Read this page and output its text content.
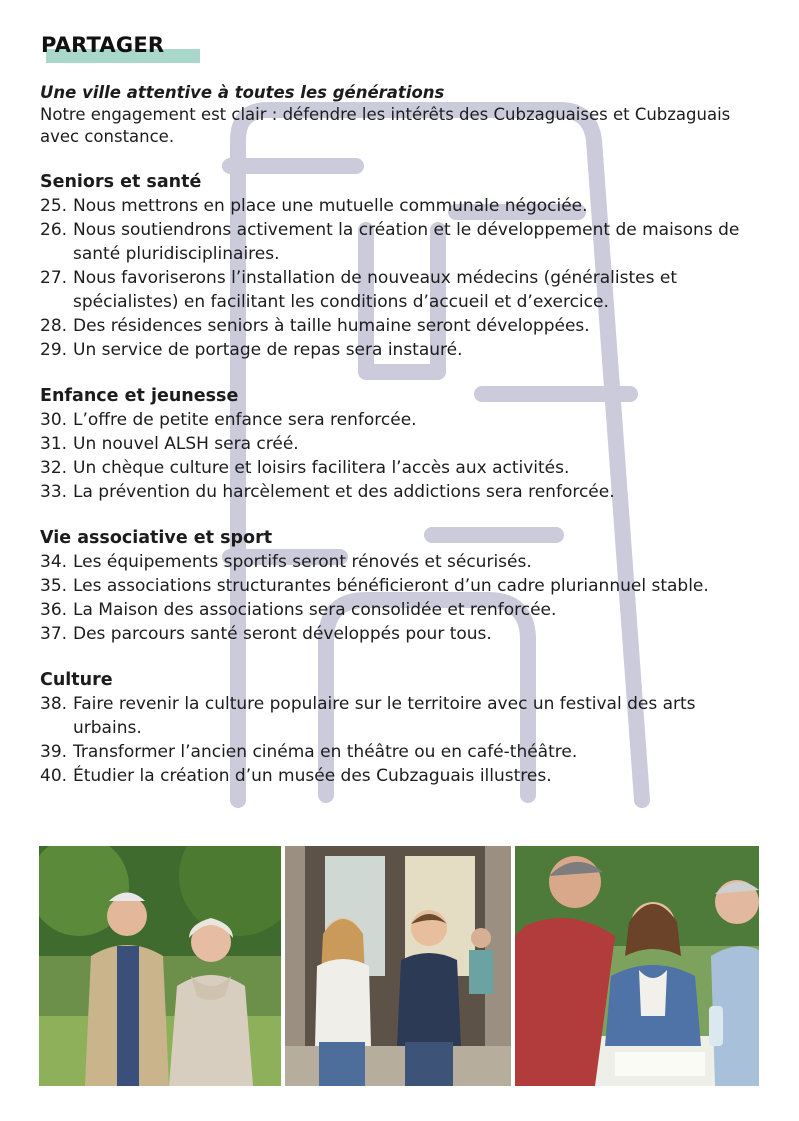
PARTAGER
Une ville attentive à toutes les générations
Notre engagement est clair : défendre les intérêts des Cubzaguaises et Cubzaguais avec constance.
Seniors et santé
25. Nous mettrons en place une mutuelle communale négociée.
26. Nous soutiendrons activement la création et le développement de maisons de santé pluridisciplinaires.
27. Nous favoriserons l’installation de nouveaux médecins (généralistes et spécialistes) en facilitant les conditions d’accueil et d’exercice.
28. Des résidences seniors à taille humaine seront développées.
29. Un service de portage de repas sera instauré.
Enfance et jeunesse
30. L’offre de petite enfance sera renforcée.
31. Un nouvel ALSH sera créé.
32. Un chèque culture et loisirs facilitera l’accès aux activités.
33. La prévention du harcèlement et des addictions sera renforcée.
Vie associative et sport
34. Les équipements sportifs seront rénovés et sécurisés.
35. Les associations structurantes bénéficieront d’un cadre pluriannuel stable.
36. La Maison des associations sera consolidée et renforcée.
37. Des parcours santé seront développés pour tous.
Culture
38. Faire revenir la culture populaire sur le territoire avec un festival des arts urbains.
39. Transformer l’ancien cinéma en théâtre ou en café-théâtre.
40. Étudier la création d’un musée des Cubzaguais illustres.
